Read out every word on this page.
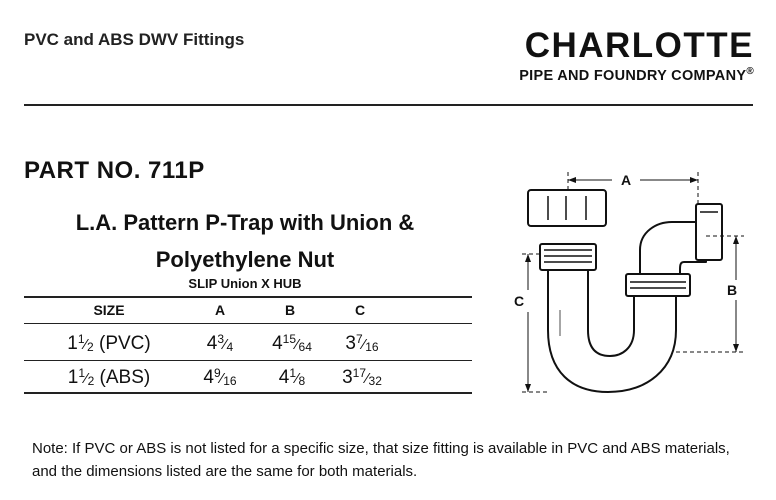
PVC and ABS DWV Fittings	CHARLOTTE
PIPE AND FOUNDRY COMPANY®
PART NO. 711P
L.A. Pattern P-Trap with Union &
Polyethylene Nut
SLIP Union X HUB
SIZE	A	B	C
$1^1⁄_2$ (PVC)	$4^3⁄_4$	$4^{15}⁄_{64}$	$3^7⁄_{16}$
$1^1⁄_2$ (ABS)	$4^9⁄_{16}$	$4^1⁄_8$	$3^{17}⁄_{32}$
A
C
B
Note: If PVC or ABS is not listed for a specific size, that size fitting is available in PVC and ABS materials, and the dimensions listed are the same for both materials.
